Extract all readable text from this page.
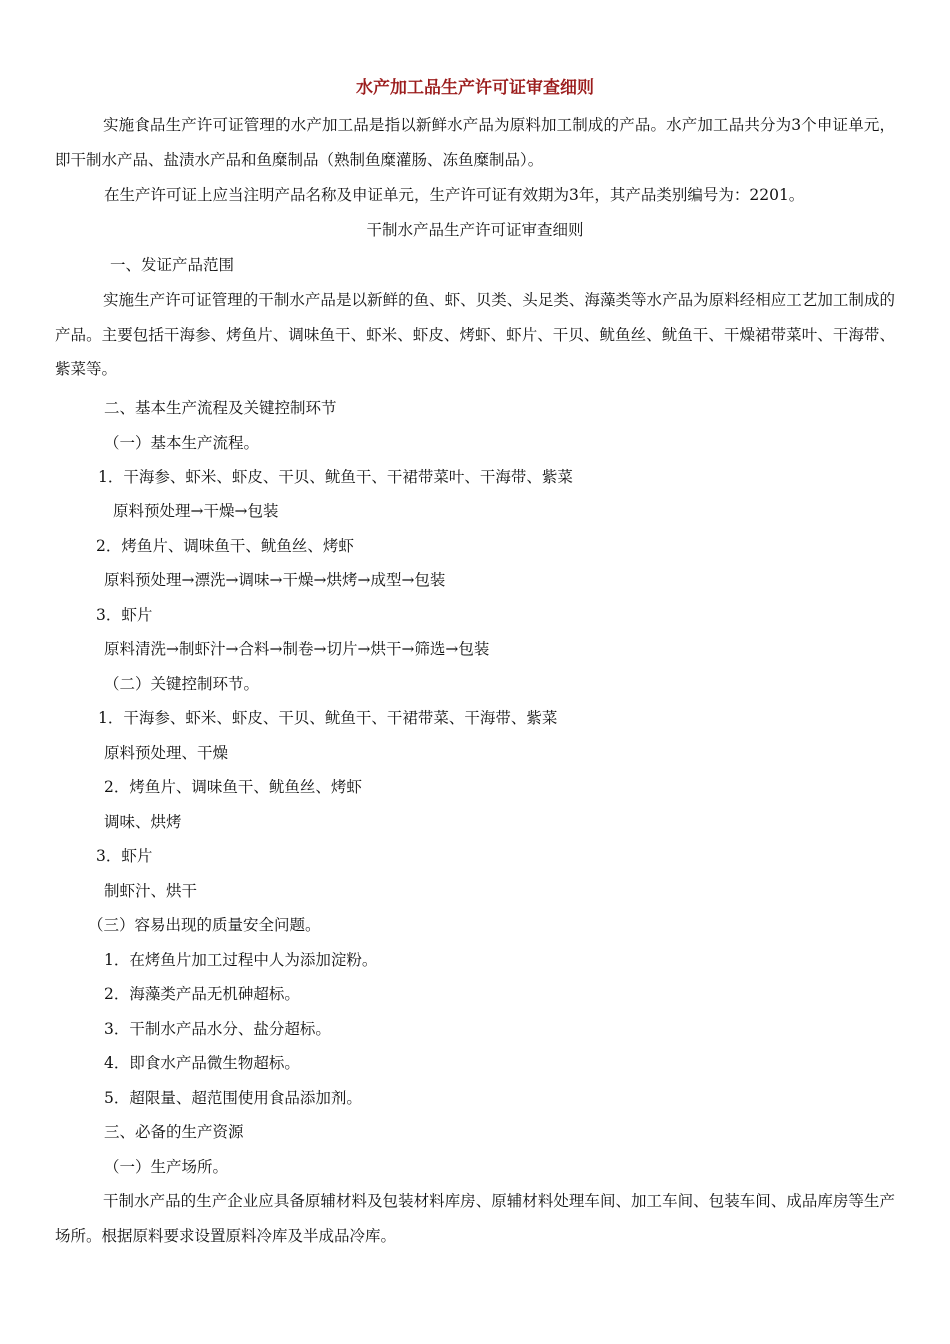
水产加工品生产许可证审查细则
实施食品生产许可证管理的水产加工品是指以新鲜水产品为原料加工制成的产品。水产加工品共分为3个申证单元，即干制水产品、盐渍水产品和鱼糜制品（熟制鱼糜灌肠、冻鱼糜制品）。
在生产许可证上应当注明产品名称及申证单元，生产许可证有效期为3年，其产品类别编号为：2201。
干制水产品生产许可证审查细则
一、发证产品范围
实施生产许可证管理的干制水产品是以新鲜的鱼、虾、贝类、头足类、海藻类等水产品为原料经相应工艺加工制成的产品。主要包括干海参、烤鱼片、调味鱼干、虾米、虾皮、烤虾、虾片、干贝、鱿鱼丝、鱿鱼干、干燥裙带菜叶、干海带、紫菜等。
二、基本生产流程及关键控制环节
（一）基本生产流程。
1．干海参、虾米、虾皮、干贝、鱿鱼干、干裙带菜叶、干海带、紫菜
原料预处理→干燥→包装
2．烤鱼片、调味鱼干、鱿鱼丝、烤虾
原料预处理→漂洗→调味→干燥→烘烤→成型→包装
3．虾片
原料清洗→制虾汁→合料→制卷→切片→烘干→筛选→包装
（二）关键控制环节。
1．干海参、虾米、虾皮、干贝、鱿鱼干、干裙带菜、干海带、紫菜
原料预处理、干燥
2．烤鱼片、调味鱼干、鱿鱼丝、烤虾
调味、烘烤
3．虾片
制虾汁、烘干
（三）容易出现的质量安全问题。
1．在烤鱼片加工过程中人为添加淀粉。
2．海藻类产品无机砷超标。
3．干制水产品水分、盐分超标。
4．即食水产品微生物超标。
5．超限量、超范围使用食品添加剂。
三、必备的生产资源
（一）生产场所。
干制水产品的生产企业应具备原辅材料及包装材料库房、原辅材料处理车间、加工车间、包装车间、成品库房等生产场所。根据原料要求设置原料冷库及半成品冷库。
